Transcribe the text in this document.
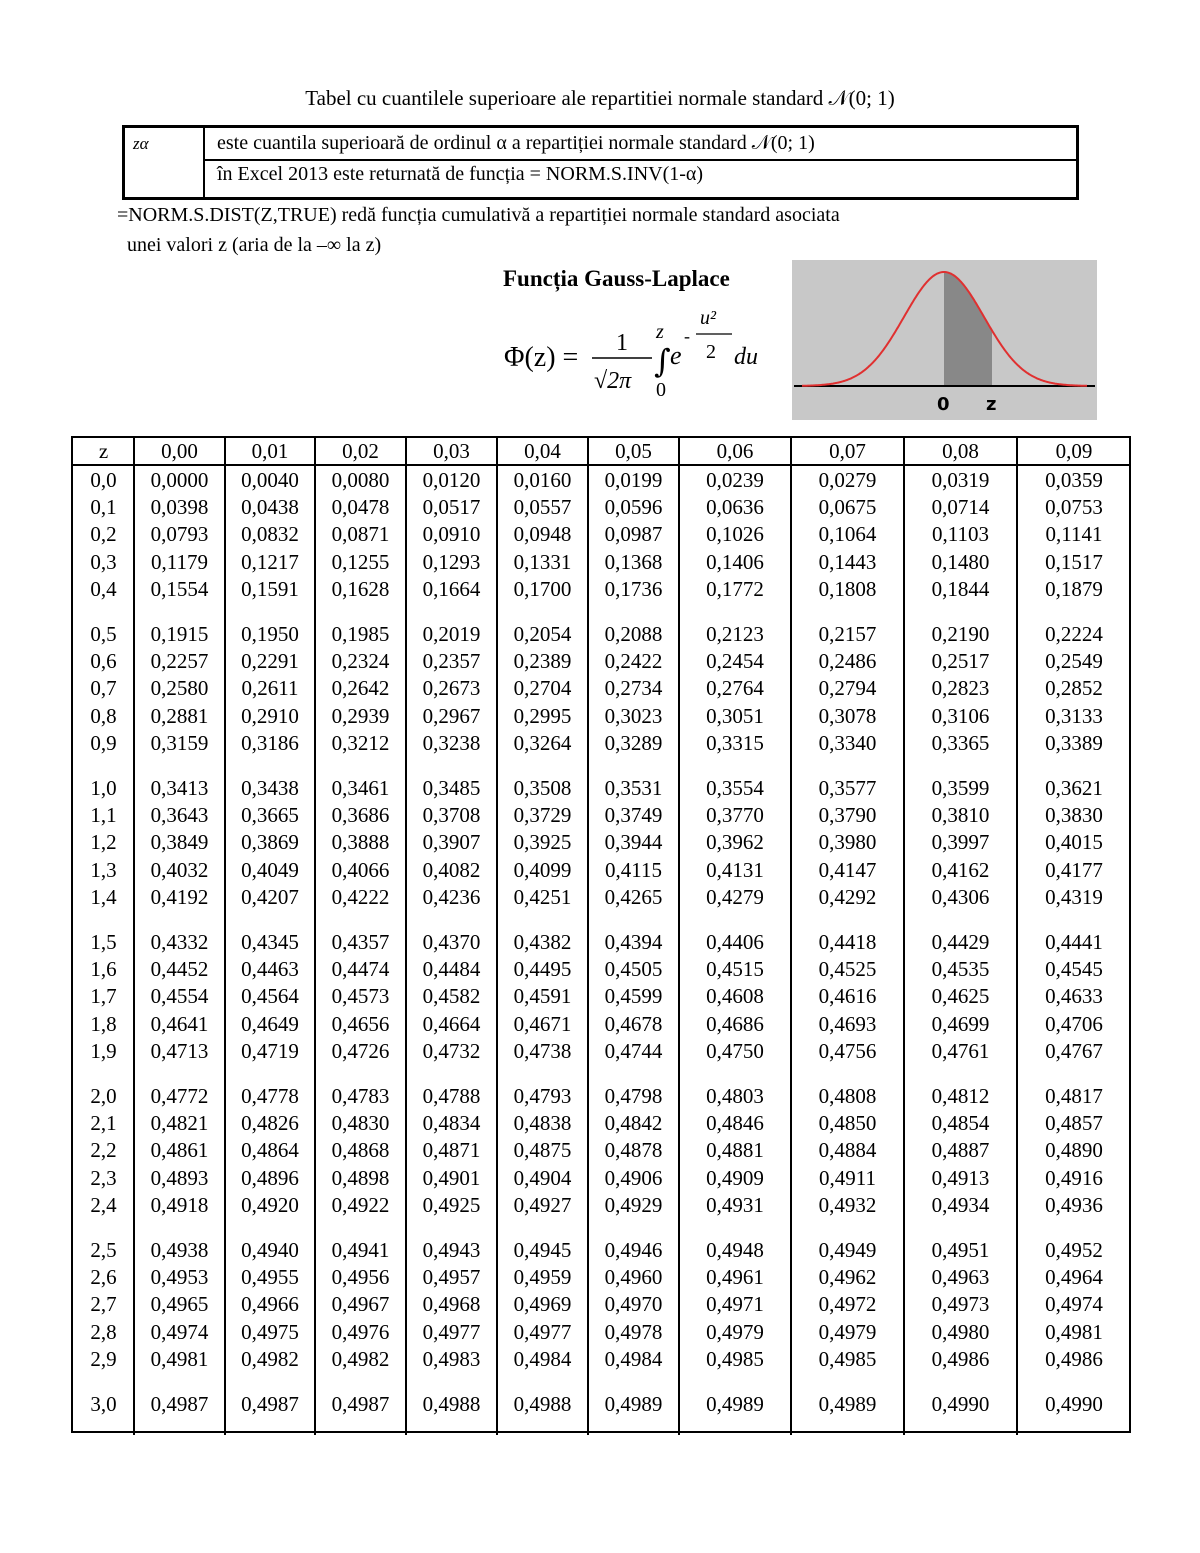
Tabel cu cuantilele superioare ale repartitiei normale standard 𝒩(0; 1)
zα	este cuantila superioară de ordinul α a repartiției normale standard 𝒩(0; 1)
în Excel 2013 este returnată de funcția = NORM.S.INV(1-α)
=NORM.S.DIST(Z,TRUE) redă funcția cumulativă a repartiției normale standard asociata
unei valori z (aria de la –∞ la z)
Funcția Gauss-Laplace
Φ(z) = 1
√2π
z
∫
0
e
-
u²
2 du
0 z
z	0,00	0,01	0,02	0,03	0,04	0,05	0,06	0,07	0,08	0,09
0,0	0,0000	0,0040	0,0080	0,0120	0,0160	0,0199	0,0239	0,0279	0,0319	0,0359
0,1	0,0398	0,0438	0,0478	0,0517	0,0557	0,0596	0,0636	0,0675	0,0714	0,0753
0,2	0,0793	0,0832	0,0871	0,0910	0,0948	0,0987	0,1026	0,1064	0,1103	0,1141
0,3	0,1179	0,1217	0,1255	0,1293	0,1331	0,1368	0,1406	0,1443	0,1480	0,1517
0,4	0,1554	0,1591	0,1628	0,1664	0,1700	0,1736	0,1772	0,1808	0,1844	0,1879
0,5	0,1915	0,1950	0,1985	0,2019	0,2054	0,2088	0,2123	0,2157	0,2190	0,2224
0,6	0,2257	0,2291	0,2324	0,2357	0,2389	0,2422	0,2454	0,2486	0,2517	0,2549
0,7	0,2580	0,2611	0,2642	0,2673	0,2704	0,2734	0,2764	0,2794	0,2823	0,2852
0,8	0,2881	0,2910	0,2939	0,2967	0,2995	0,3023	0,3051	0,3078	0,3106	0,3133
0,9	0,3159	0,3186	0,3212	0,3238	0,3264	0,3289	0,3315	0,3340	0,3365	0,3389
1,0	0,3413	0,3438	0,3461	0,3485	0,3508	0,3531	0,3554	0,3577	0,3599	0,3621
1,1	0,3643	0,3665	0,3686	0,3708	0,3729	0,3749	0,3770	0,3790	0,3810	0,3830
1,2	0,3849	0,3869	0,3888	0,3907	0,3925	0,3944	0,3962	0,3980	0,3997	0,4015
1,3	0,4032	0,4049	0,4066	0,4082	0,4099	0,4115	0,4131	0,4147	0,4162	0,4177
1,4	0,4192	0,4207	0,4222	0,4236	0,4251	0,4265	0,4279	0,4292	0,4306	0,4319
1,5	0,4332	0,4345	0,4357	0,4370	0,4382	0,4394	0,4406	0,4418	0,4429	0,4441
1,6	0,4452	0,4463	0,4474	0,4484	0,4495	0,4505	0,4515	0,4525	0,4535	0,4545
1,7	0,4554	0,4564	0,4573	0,4582	0,4591	0,4599	0,4608	0,4616	0,4625	0,4633
1,8	0,4641	0,4649	0,4656	0,4664	0,4671	0,4678	0,4686	0,4693	0,4699	0,4706
1,9	0,4713	0,4719	0,4726	0,4732	0,4738	0,4744	0,4750	0,4756	0,4761	0,4767
2,0	0,4772	0,4778	0,4783	0,4788	0,4793	0,4798	0,4803	0,4808	0,4812	0,4817
2,1	0,4821	0,4826	0,4830	0,4834	0,4838	0,4842	0,4846	0,4850	0,4854	0,4857
2,2	0,4861	0,4864	0,4868	0,4871	0,4875	0,4878	0,4881	0,4884	0,4887	0,4890
2,3	0,4893	0,4896	0,4898	0,4901	0,4904	0,4906	0,4909	0,4911	0,4913	0,4916
2,4	0,4918	0,4920	0,4922	0,4925	0,4927	0,4929	0,4931	0,4932	0,4934	0,4936
2,5	0,4938	0,4940	0,4941	0,4943	0,4945	0,4946	0,4948	0,4949	0,4951	0,4952
2,6	0,4953	0,4955	0,4956	0,4957	0,4959	0,4960	0,4961	0,4962	0,4963	0,4964
2,7	0,4965	0,4966	0,4967	0,4968	0,4969	0,4970	0,4971	0,4972	0,4973	0,4974
2,8	0,4974	0,4975	0,4976	0,4977	0,4977	0,4978	0,4979	0,4979	0,4980	0,4981
2,9	0,4981	0,4982	0,4982	0,4983	0,4984	0,4984	0,4985	0,4985	0,4986	0,4986
3,0	0,4987	0,4987	0,4987	0,4988	0,4988	0,4989	0,4989	0,4989	0,4990	0,4990
